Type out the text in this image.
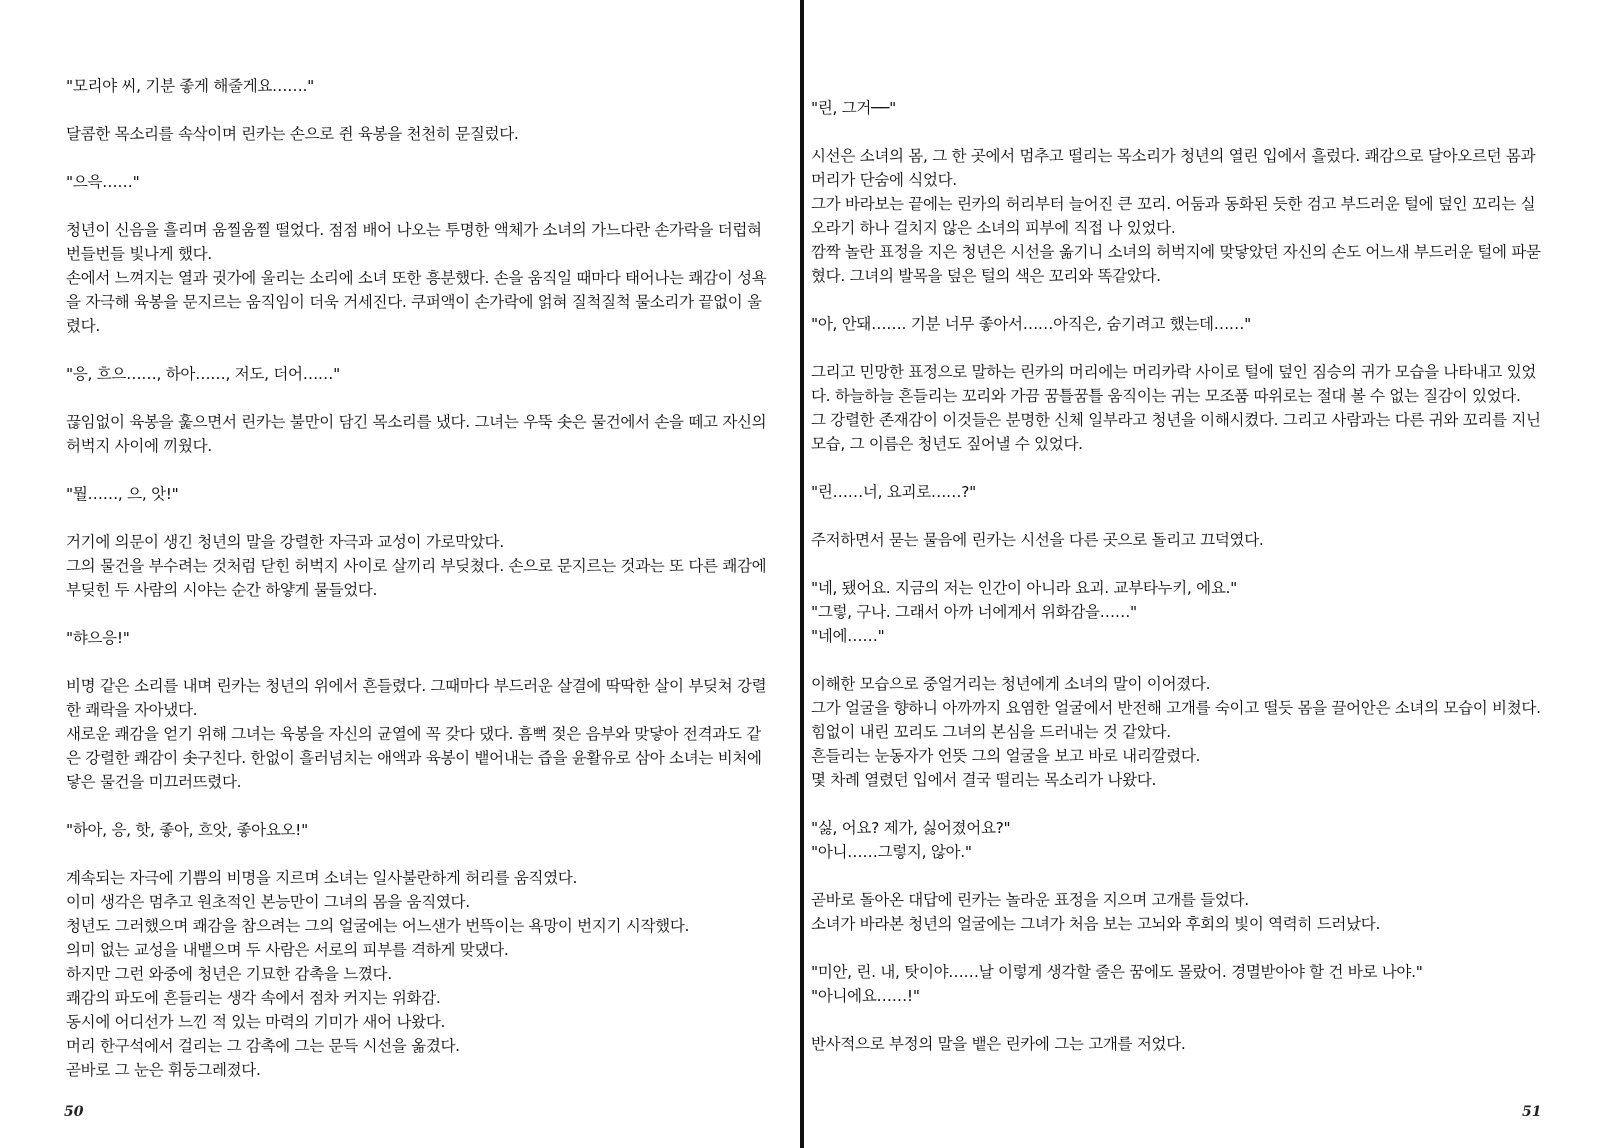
"모리야 씨, 기분 좋게 해줄게요……."
달콤한 목소리를 속삭이며 린카는 손으로 쥔 육봉을 천천히 문질렀다.
"으윽……"
청년이 신음을 흘리며 움찔움찔 떨었다. 점점 배어 나오는 투명한 액체가 소녀의 가느다란 손가락을 더럽혀 번들번들 빛나게 했다.
손에서 느껴지는 열과 귓가에 울리는 소리에 소녀 또한 흥분했다. 손을 움직일 때마다 태어나는 쾌감이 성욕을 자극해 육봉을 문지르는 움직임이 더욱 거세진다. 쿠퍼액이 손가락에 얽혀 질척질척 물소리가 끝없이 울렸다.
"응, 흐으……, 하아……, 저도, 더어……"
끊임없이 육봉을 훑으면서 린카는 불만이 담긴 목소리를 냈다. 그녀는 우뚝 솟은 물건에서 손을 떼고 자신의 허벅지 사이에 끼웠다.
"뭘……, 으, 앗!"
거기에 의문이 생긴 청년의 말을 강렬한 자극과 교성이 가로막았다.
그의 물건을 부수려는 것처럼 닫힌 허벅지 사이로 살끼리 부딪쳤다. 손으로 문지르는 것과는 또 다른 쾌감에 부딪힌 두 사람의 시야는 순간 하얗게 물들었다.
"햐으응!"
비명 같은 소리를 내며 린카는 청년의 위에서 흔들렸다. 그때마다 부드러운 살결에 딱딱한 살이 부딪쳐 강렬한 쾌락을 자아냈다.
새로운 쾌감을 얻기 위해 그녀는 육봉을 자신의 균열에 꼭 갖다 댔다. 흠뻑 젖은 음부와 맞닿아 전격과도 같은 강렬한 쾌감이 솟구친다. 한없이 흘러넘치는 애액과 육봉이 뱉어내는 즙을 윤활유로 삼아 소녀는 비처에 닿은 물건을 미끄러뜨렸다.
"하아, 응, 핫, 좋아, 흐앗, 좋아요오!"
계속되는 자극에 기쁨의 비명을 지르며 소녀는 일사불란하게 허리를 움직였다.
이미 생각은 멈추고 원초적인 본능만이 그녀의 몸을 움직였다.
청년도 그러했으며 쾌감을 참으려는 그의 얼굴에는 어느샌가 번뜩이는 욕망이 번지기 시작했다.
의미 없는 교성을 내뱉으며 두 사람은 서로의 피부를 격하게 맞댔다.
하지만 그런 와중에 청년은 기묘한 감촉을 느꼈다.
쾌감의 파도에 흔들리는 생각 속에서 점차 커지는 위화감.
동시에 어디선가 느낀 적 있는 마력의 기미가 새어 나왔다.
머리 한구석에서 걸리는 그 감촉에 그는 문득 시선을 옮겼다.
곧바로 그 눈은 휘둥그레졌다.
50
"린, 그거──"
시선은 소녀의 몸, 그 한 곳에서 멈추고 떨리는 목소리가 청년의 열린 입에서 흘렀다. 쾌감으로 달아오르던 몸과 머리가 단숨에 식었다.
그가 바라보는 끝에는 린카의 허리부터 늘어진 큰 꼬리. 어둠과 동화된 듯한 검고 부드러운 털에 덮인 꼬리는 실오라기 하나 걸치지 않은 소녀의 피부에 직접 나 있었다.
깜짝 놀란 표정을 지은 청년은 시선을 옮기니 소녀의 허벅지에 맞닿았던 자신의 손도 어느새 부드러운 털에 파묻혔다. 그녀의 발목을 덮은 털의 색은 꼬리와 똑같았다.
"아, 안돼……. 기분 너무 좋아서……아직은, 숨기려고 했는데……"
그리고 민망한 표정으로 말하는 린카의 머리에는 머리카락 사이로 털에 덮인 짐승의 귀가 모습을 나타내고 있었다. 하늘하늘 흔들리는 꼬리와 가끔 꿈틀꿈틀 움직이는 귀는 모조품 따위로는 절대 볼 수 없는 질감이 있었다.
그 강렬한 존재감이 이것들은 분명한 신체 일부라고 청년을 이해시켰다. 그리고 사람과는 다른 귀와 꼬리를 지닌 모습, 그 이름은 청년도 짚어낼 수 있었다.
"린……너, 요괴로……?"
주저하면서 묻는 물음에 린카는 시선을 다른 곳으로 돌리고 끄덕였다.
"네, 됐어요. 지금의 저는 인간이 아니라 요괴. 교부타누키, 에요."
"그렇, 구나. 그래서 아까 너에게서 위화감을……"
"네에……"
이해한 모습으로 중얼거리는 청년에게 소녀의 말이 이어졌다.
그가 얼굴을 향하니 아까까지 요염한 얼굴에서 반전해 고개를 숙이고 떨듯 몸을 끌어안은 소녀의 모습이 비쳤다. 힘없이 내린 꼬리도 그녀의 본심을 드러내는 것 같았다.
흔들리는 눈동자가 언뜻 그의 얼굴을 보고 바로 내리깔렸다.
몇 차례 열렸던 입에서 결국 떨리는 목소리가 나왔다.
"싫, 어요? 제가, 싫어졌어요?"
"아니……그렇지, 않아."
곧바로 돌아온 대답에 린카는 놀라운 표정을 지으며 고개를 들었다.
소녀가 바라본 청년의 얼굴에는 그녀가 처음 보는 고뇌와 후회의 빛이 역력히 드러났다.
"미안, 린. 내, 탓이야……날 이렇게 생각할 줄은 꿈에도 몰랐어. 경멸받아야 할 건 바로 나야."
"아니에요……!"
반사적으로 부정의 말을 뱉은 린카에 그는 고개를 저었다.
51
